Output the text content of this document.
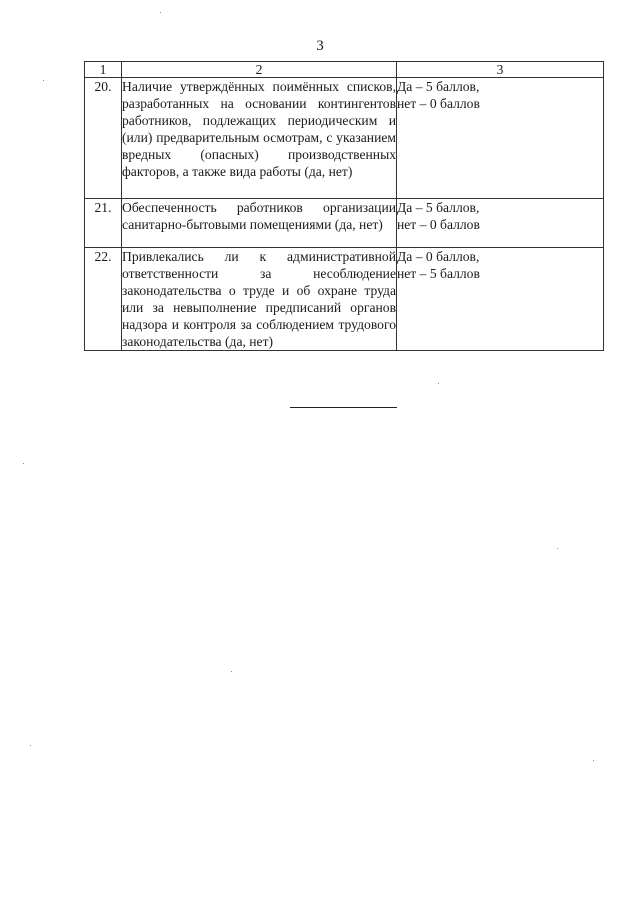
3
1	2	3
20.	Наличие утверждённых поимённых списков, разработанных на основании контингентов работников, подлежащих периодическим и (или) предварительным осмотрам, с указанием вредных (опасных) производственных факторов, а также вида работы (да, нет)	Да – 5 баллов,
нет – 0 баллов

21.	Обеспеченность работников организации санитарно-бытовыми помещениями (да, нет)	Да – 5 баллов,
нет – 0 баллов

22.	Привлекались ли к административной ответственности за несоблюдение законодательства о труде и об охране труда или за невыполнение предписаний органов надзора и контроля за соблюдением трудового законодательства (да, нет)	Да – 0 баллов,
нет – 5 баллов
